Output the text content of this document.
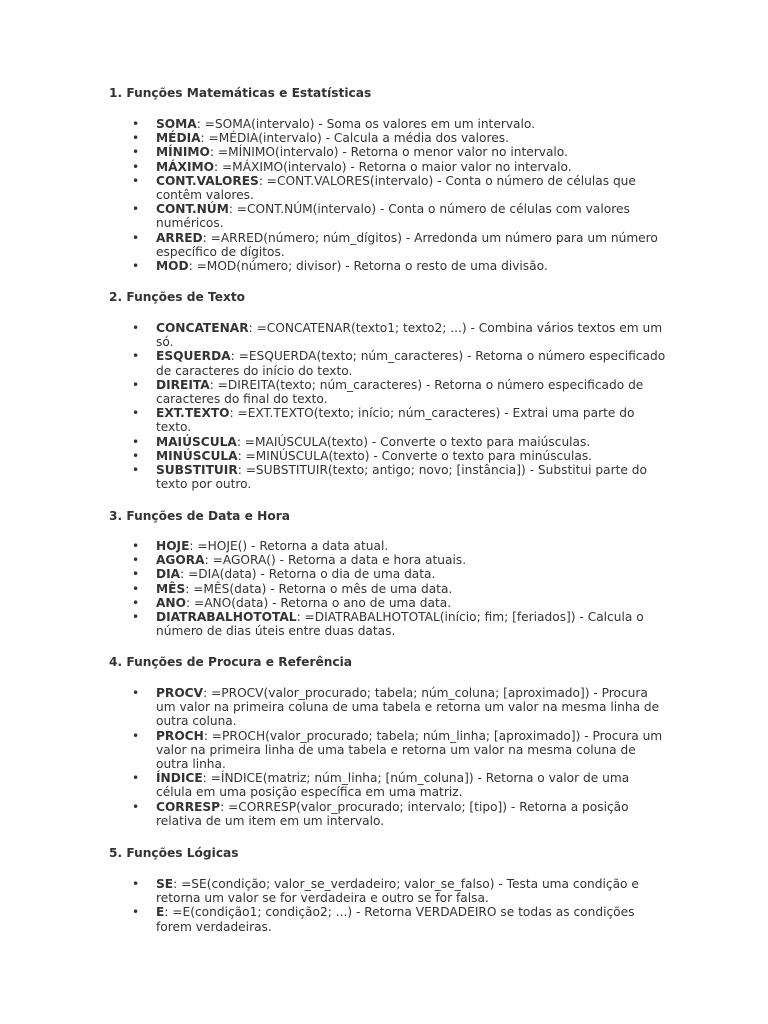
1. Funções Matemáticas e Estatísticas
• SOMA: =SOMA(intervalo) - Soma os valores em um intervalo.
• MÉDIA: =MÉDIA(intervalo) - Calcula a média dos valores.
• MÍNIMO: =MÍNIMO(intervalo) - Retorna o menor valor no intervalo.
• MÁXIMO: =MÁXIMO(intervalo) - Retorna o maior valor no intervalo.
• CONT.VALORES: =CONT.VALORES(intervalo) - Conta o número de células que contêm valores.
• CONT.NÚM: =CONT.NÚM(intervalo) - Conta o número de células com valores numéricos.
• ARRED: =ARRED(número; núm_dígitos) - Arredonda um número para um número específico de dígitos.
• MOD: =MOD(número; divisor) - Retorna o resto de uma divisão.
2. Funções de Texto
• CONCATENAR: =CONCATENAR(texto1; texto2; ...) - Combina vários textos em um só.
• ESQUERDA: =ESQUERDA(texto; núm_caracteres) - Retorna o número especificado de caracteres do início do texto.
• DIREITA: =DIREITA(texto; núm_caracteres) - Retorna o número especificado de caracteres do final do texto.
• EXT.TEXTO: =EXT.TEXTO(texto; início; núm_caracteres) - Extrai uma parte do texto.
• MAIÚSCULA: =MAIÚSCULA(texto) - Converte o texto para maiúsculas.
• MINÚSCULA: =MINÚSCULA(texto) - Converte o texto para minúsculas.
• SUBSTITUIR: =SUBSTITUIR(texto; antigo; novo; [instância]) - Substitui parte do texto por outro.
3. Funções de Data e Hora
• HOJE: =HOJE() - Retorna a data atual.
• AGORA: =AGORA() - Retorna a data e hora atuais.
• DIA: =DIA(data) - Retorna o dia de uma data.
• MÊS: =MÊS(data) - Retorna o mês de uma data.
• ANO: =ANO(data) - Retorna o ano de uma data.
• DIATRABALHOTOTAL: =DIATRABALHOTOTAL(início; fim; [feriados]) - Calcula o número de dias úteis entre duas datas.
4. Funções de Procura e Referência
• PROCV: =PROCV(valor_procurado; tabela; núm_coluna; [aproximado]) - Procura um valor na primeira coluna de uma tabela e retorna um valor na mesma linha de outra coluna.
• PROCH: =PROCH(valor_procurado; tabela; núm_linha; [aproximado]) - Procura um valor na primeira linha de uma tabela e retorna um valor na mesma coluna de outra linha.
• ÍNDICE: =ÍNDICE(matriz; núm_linha; [núm_coluna]) - Retorna o valor de uma célula em uma posição específica em uma matriz.
• CORRESP: =CORRESP(valor_procurado; intervalo; [tipo]) - Retorna a posição relativa de um item em um intervalo.
5. Funções Lógicas
• SE: =SE(condição; valor_se_verdadeiro; valor_se_falso) - Testa uma condição e retorna um valor se for verdadeira e outro se for falsa.
• E: =E(condição1; condição2; ...) - Retorna VERDADEIRO se todas as condições forem verdadeiras.
